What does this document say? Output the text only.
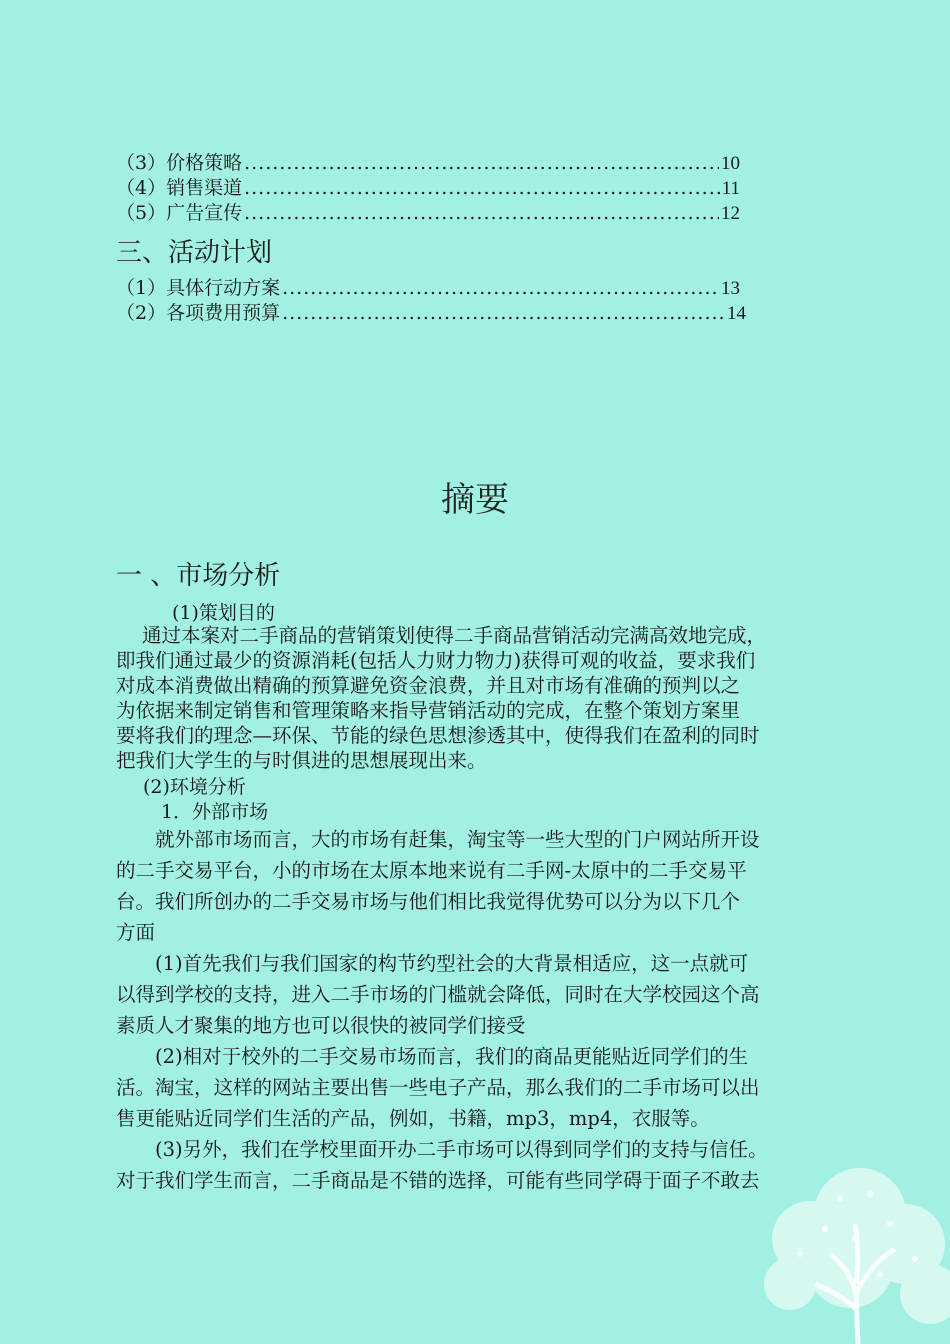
（3）价格策略 .....	10
（4）销售渠道 .....	11
（5）广告宣传 .....	12
三、活动计划
（1）具体行动方案 .....	13
（2）各项费用预算 .....	14
摘要
一 、市场分析
(1)策划目的

通过本案对二手商品的营销策划使得二手商品营销活动完满高效地完成，

即我们通过最少的资源消耗(包括人力财力物力)获得可观的收益，要求我们

对成本消费做出精确的预算避免资金浪费，并且对市场有准确的预判以之

为依据来制定销售和管理策略来指导营销活动的完成，在整个策划方案里

要将我们的理念—环保、节能的绿色思想渗透其中，使得我们在盈利的同时

把我们大学生的与时俱进的思想展现出来。

(2)环境分析
1．外部市场

　　就外部市场而言，大的市场有赶集，淘宝等一些大型的门户网站所开设

的二手交易平台，小的市场在太原本地来说有二手网-太原中的二手交易平

台。我们所创办的二手交易市场与他们相比我觉得优势可以分为以下几个

方面

　　(1)首先我们与我们国家的构节约型社会的大背景相适应，这一点就可

以得到学校的支持，进入二手市场的门槛就会降低，同时在大学校园这个高

素质人才聚集的地方也可以很快的被同学们接受

　　(2)相对于校外的二手交易市场而言，我们的商品更能贴近同学们的生

活。淘宝，这样的网站主要出售一些电子产品，那么我们的二手市场可以出

售更能贴近同学们生活的产品，例如，书籍，mp3，mp4，衣服等。

　　(3)另外，我们在学校里面开办二手市场可以得到同学们的支持与信任。

对于我们学生而言，二手商品是不错的选择，可能有些同学碍于面子不敢去
